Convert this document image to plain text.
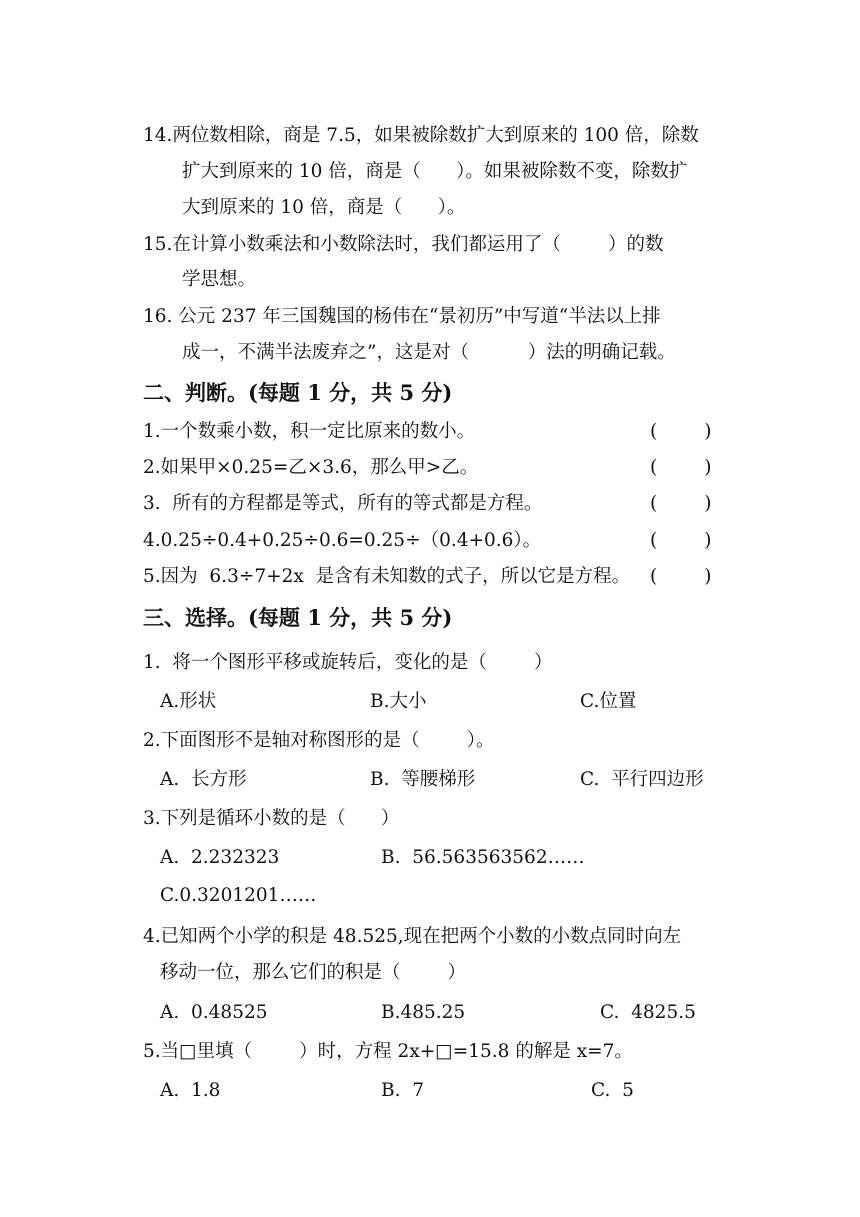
14.两位数相除，商是 7.5，如果被除数扩大到原来的 100 倍，除数
扩大到原来的 10 倍，商是（      ）。如果被除数不变，除数扩
大到原来的 10 倍，商是（      ）。
15.在计算小数乘法和小数除法时，我们都运用了（        ）的数
学思想。
16. 公元 237 年三国魏国的杨伟在“景初历”中写道“半法以上排
成一，不满半法废弃之”，这是对（          ）法的明确记载。
二、判断。(每题 1 分，共 5 分)
1.一个数乘小数，积一定比原来的数小。	(        )
2.如果甲×0.25=乙×3.6，那么甲>乙。	(        )
3.  所有的方程都是等式，所有的等式都是方程。	(        )
4.0.25÷0.4+0.25÷0.6=0.25÷（0.4+0.6）。	(        )
5.因为  6.3÷7+2x  是含有未知数的式子，所以它是方程。 (        )
三、选择。(每题 1 分，共 5 分)
1.  将一个图形平移或旋转后，变化的是（        ）
A.形状	B.大小	C.位置
2.下面图形不是轴对称图形的是（        ）。
A.  长方形	B.  等腰梯形	C.  平行四边形
3.下列是循环小数的是（      ）
A.  2.232323	B.  56.563563562……
C.0.3201201……
4.已知两个小学的积是 48.525,现在把两个小数的小数点同时向左
移动一位，那么它们的积是（        ）
A.  0.48525	B.485.25	C.  4825.5
5.当□里填（        ）时，方程 2x+□=15.8 的解是 x=7。
A.  1.8	B.  7	C.  5
